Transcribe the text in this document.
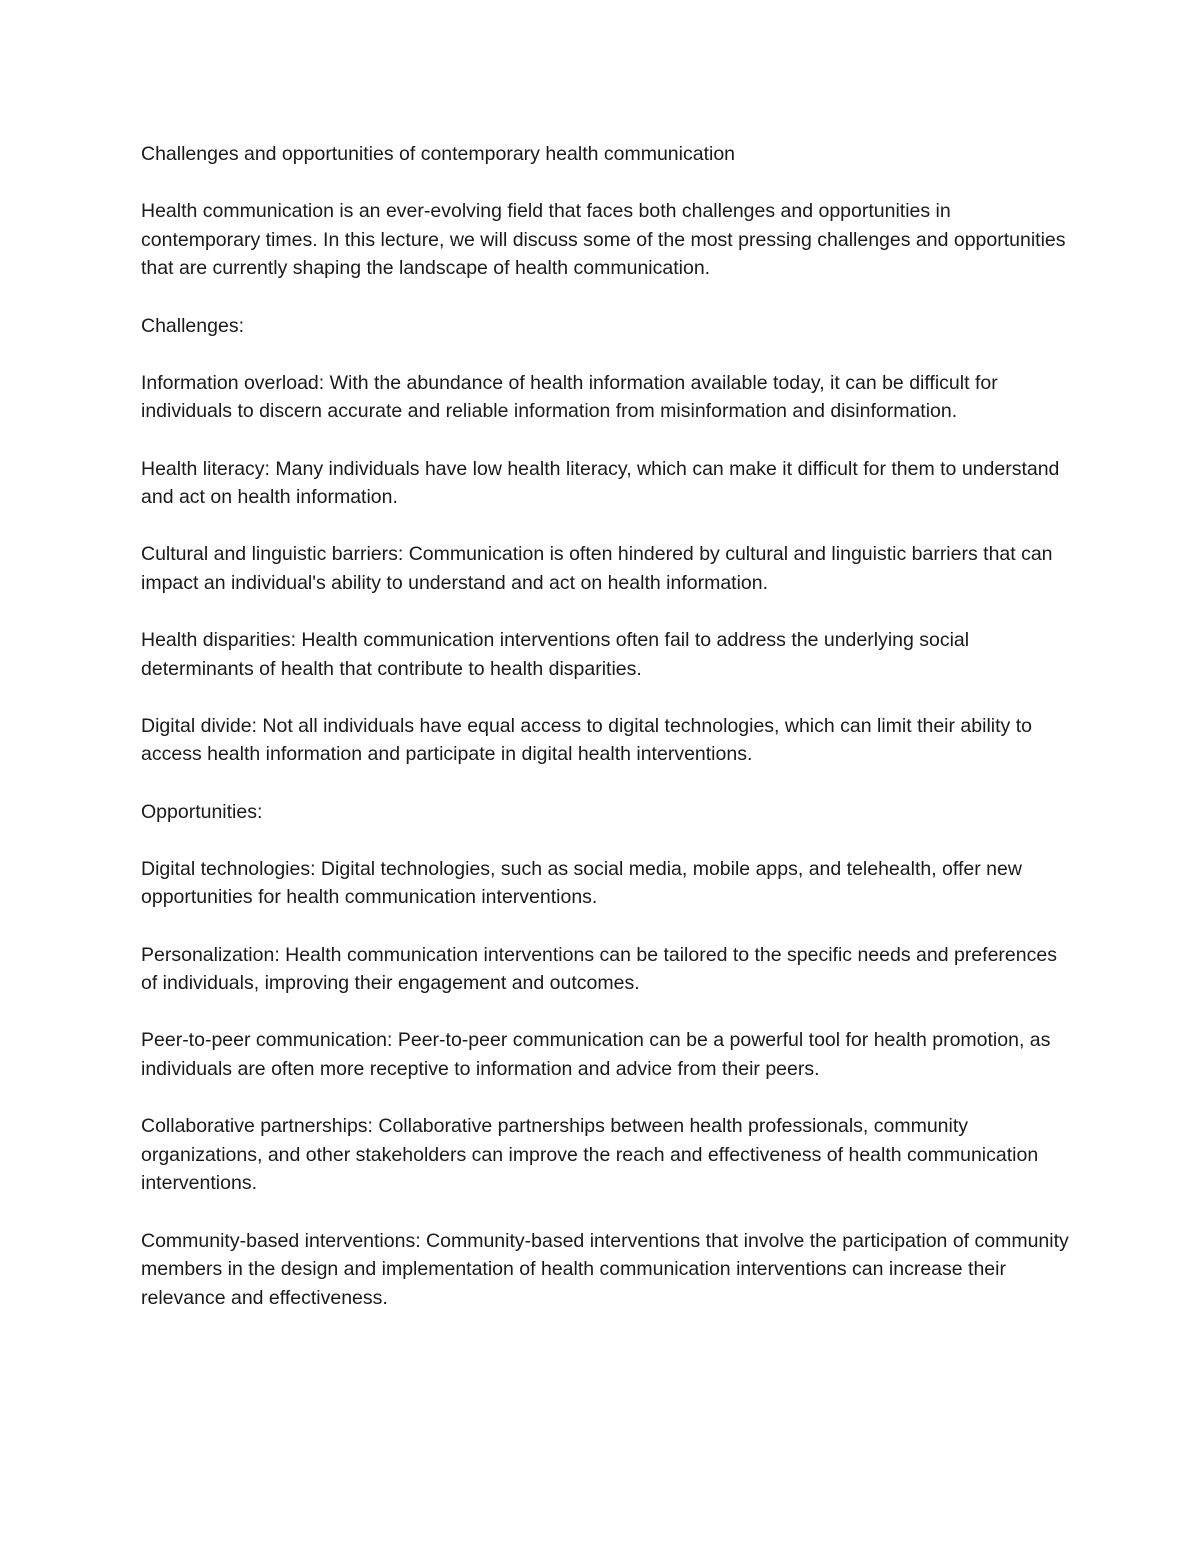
Challenges and opportunities of contemporary health communication

Health communication is an ever-evolving field that faces both challenges and opportunities in contemporary times. In this lecture, we will discuss some of the most pressing challenges and opportunities that are currently shaping the landscape of health communication.

Challenges:

Information overload: With the abundance of health information available today, it can be difficult for individuals to discern accurate and reliable information from misinformation and disinformation.

Health literacy: Many individuals have low health literacy, which can make it difficult for them to understand and act on health information.

Cultural and linguistic barriers: Communication is often hindered by cultural and linguistic barriers that can impact an individual's ability to understand and act on health information.

Health disparities: Health communication interventions often fail to address the underlying social determinants of health that contribute to health disparities.

Digital divide: Not all individuals have equal access to digital technologies, which can limit their ability to access health information and participate in digital health interventions.

Opportunities:

Digital technologies: Digital technologies, such as social media, mobile apps, and telehealth, offer new opportunities for health communication interventions.

Personalization: Health communication interventions can be tailored to the specific needs and preferences of individuals, improving their engagement and outcomes.

Peer-to-peer communication: Peer-to-peer communication can be a powerful tool for health promotion, as individuals are often more receptive to information and advice from their peers.

Collaborative partnerships: Collaborative partnerships between health professionals, community organizations, and other stakeholders can improve the reach and effectiveness of health communication interventions.

Community-based interventions: Community-based interventions that involve the participation of community members in the design and implementation of health communication interventions can increase their relevance and effectiveness.
